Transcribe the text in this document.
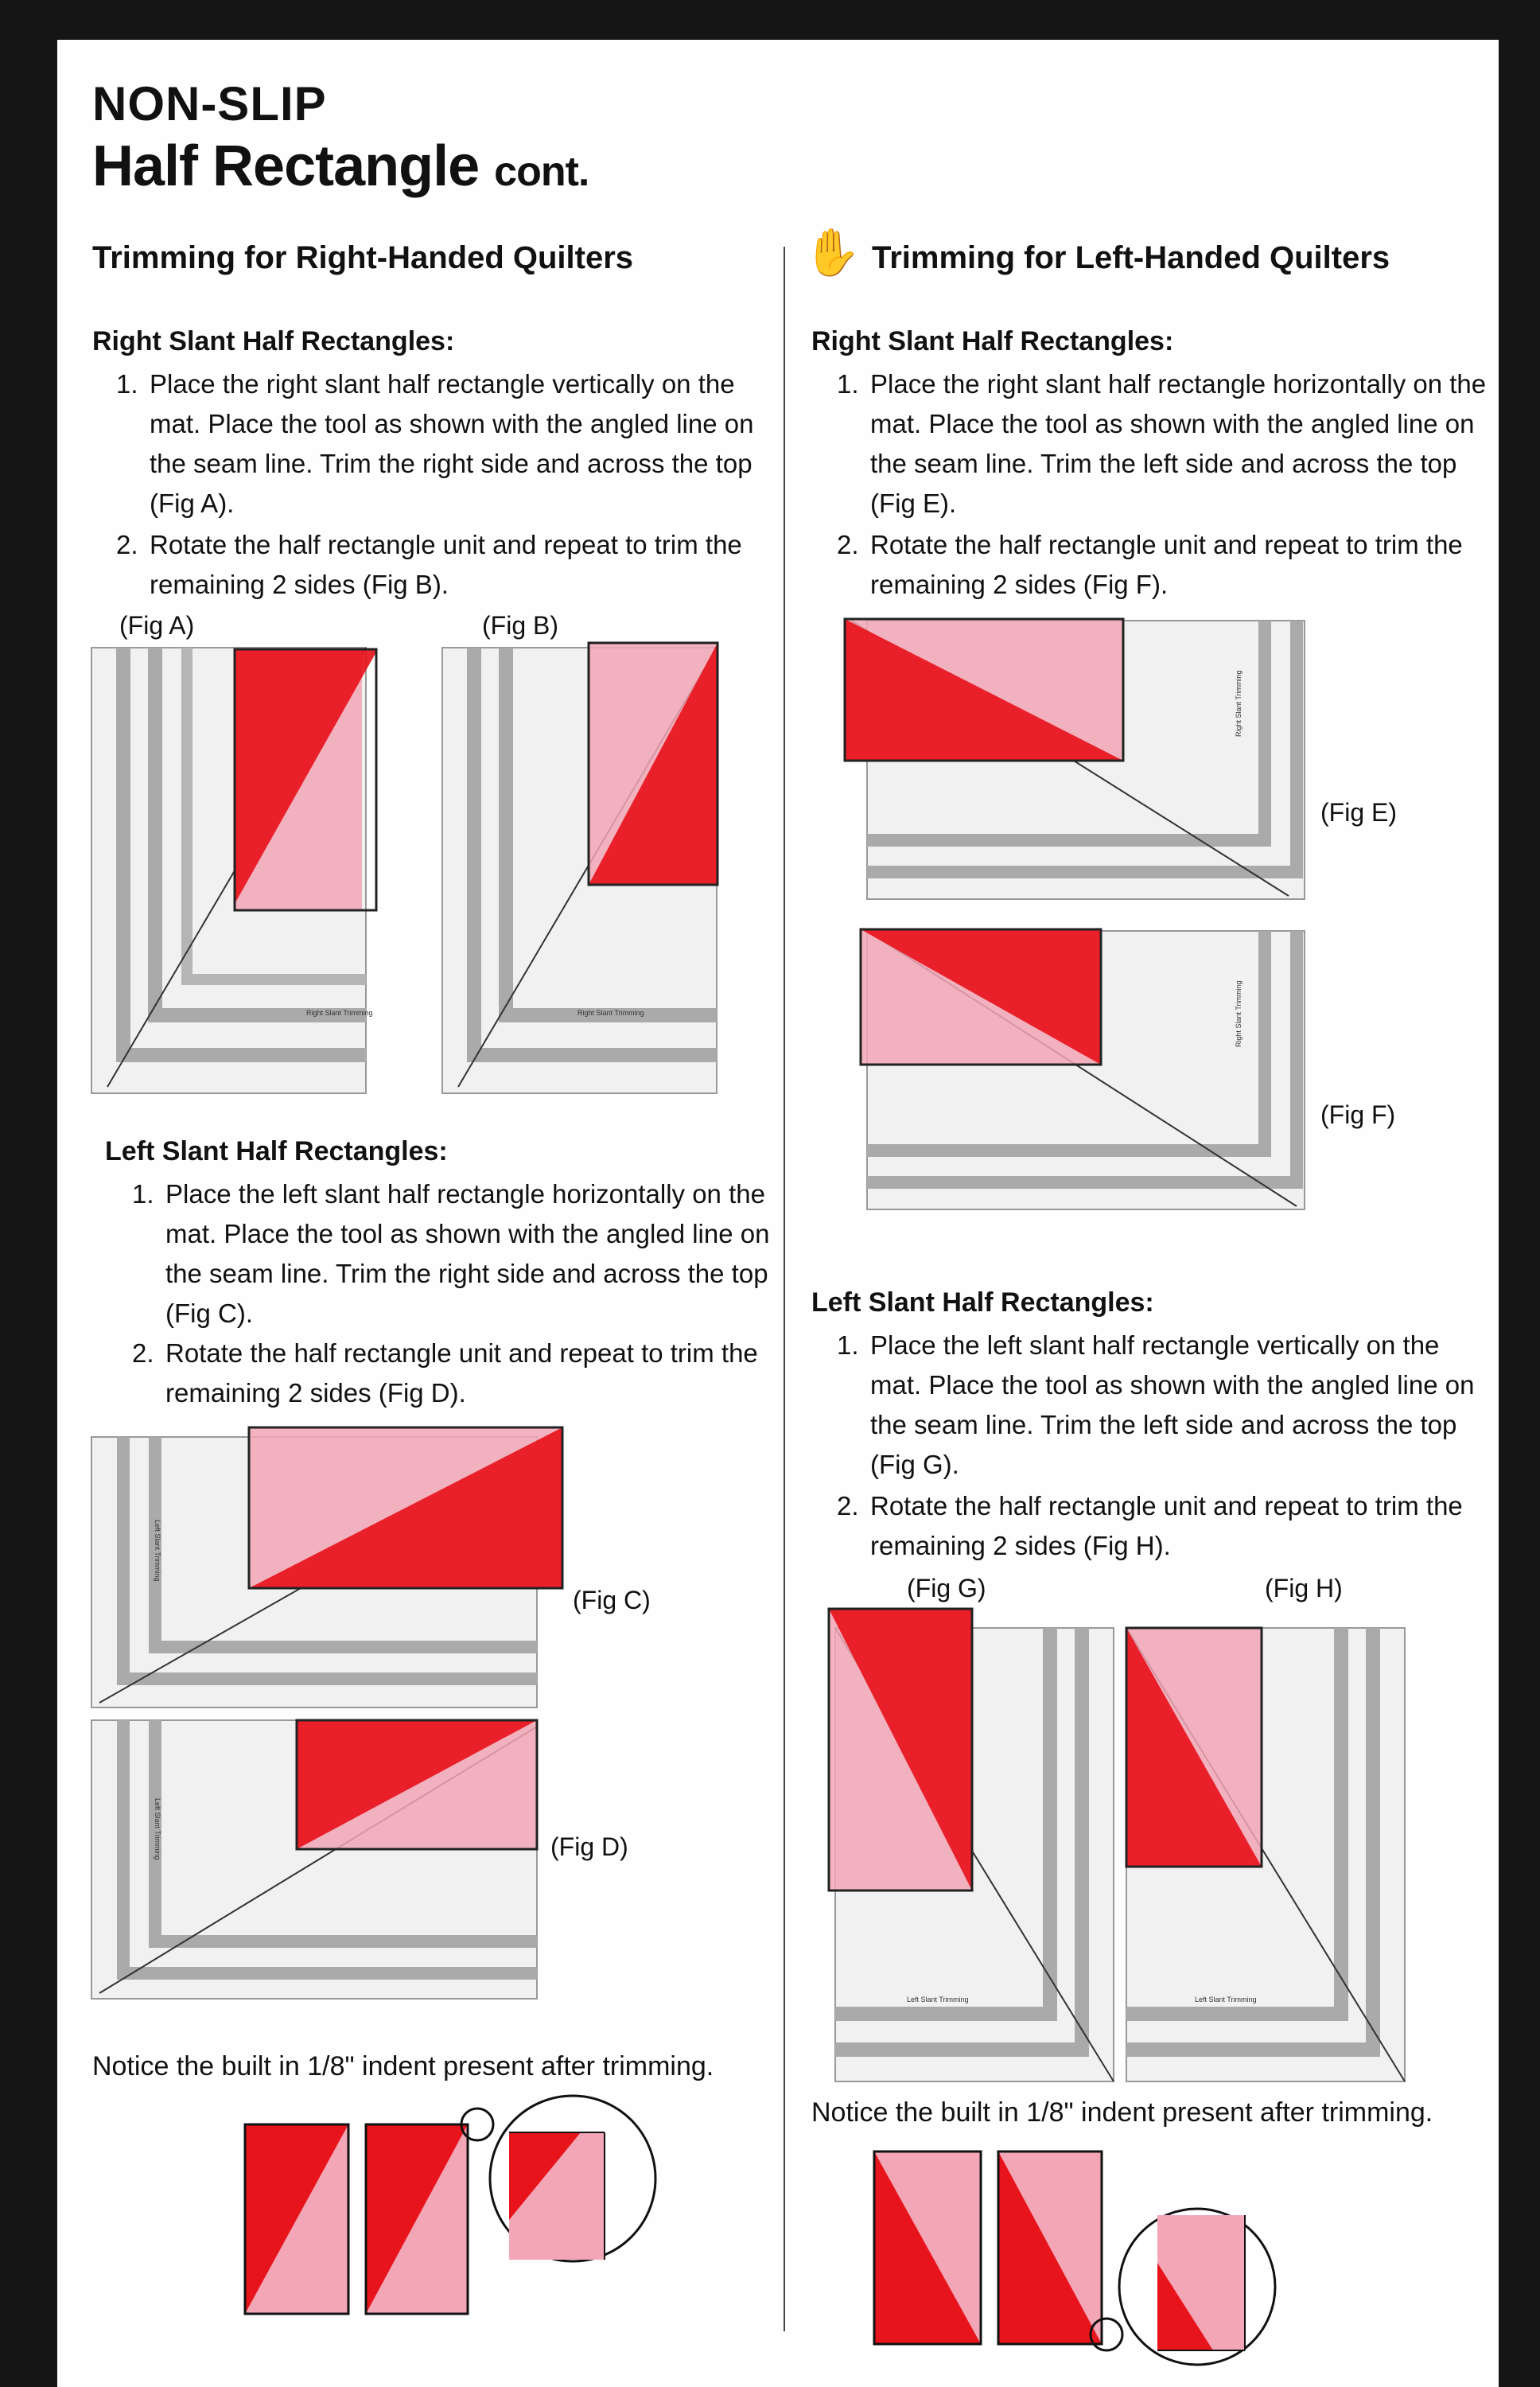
NON-SLIP
Half Rectangle cont.
Trimming for Right-Handed Quilters
Right Slant Half Rectangles:
1. Place the right slant half rectangle vertically on the mat. Place the tool as shown with the angled line on the seam line. Trim the right side and across the top (Fig A).
2. Rotate the half rectangle unit and repeat to trim the remaining 2 sides (Fig B).
(Fig A)	(Fig B)
Right Slant Trimming	Right Slant Trimming
Left Slant Half Rectangles:
1. Place the left slant half rectangle horizontally on the mat. Place the tool as shown with the angled line on the seam line. Trim the right side and across the top (Fig C).
2. Rotate the half rectangle unit and repeat to trim the remaining 2 sides (Fig D).
Left Slant Trimming
(Fig C)
Left Slant Trimming	(Fig D)
Notice the built in 1/8" indent present after trimming.
✋ Trimming for Left-Handed Quilters
Right Slant Half Rectangles:
1. Place the right slant half rectangle horizontally on the mat. Place the tool as shown with the angled line on the seam line. Trim the left side and across the top (Fig E).
2. Rotate the half rectangle unit and repeat to trim the remaining 2 sides (Fig F).
Right Slant Trimming
(Fig E)
Right Slant Trimming
(Fig F)
Left Slant Half Rectangles:
1. Place the left slant half rectangle vertically on the mat. Place the tool as shown with the angled line on the seam line. Trim the left side and across the top (Fig G).
2. Rotate the half rectangle unit and repeat to trim the remaining 2 sides (Fig H).
(Fig G)	(Fig H)
Left Slant Trimming	Left Slant Trimming
Notice the built in 1/8" indent present after trimming.
